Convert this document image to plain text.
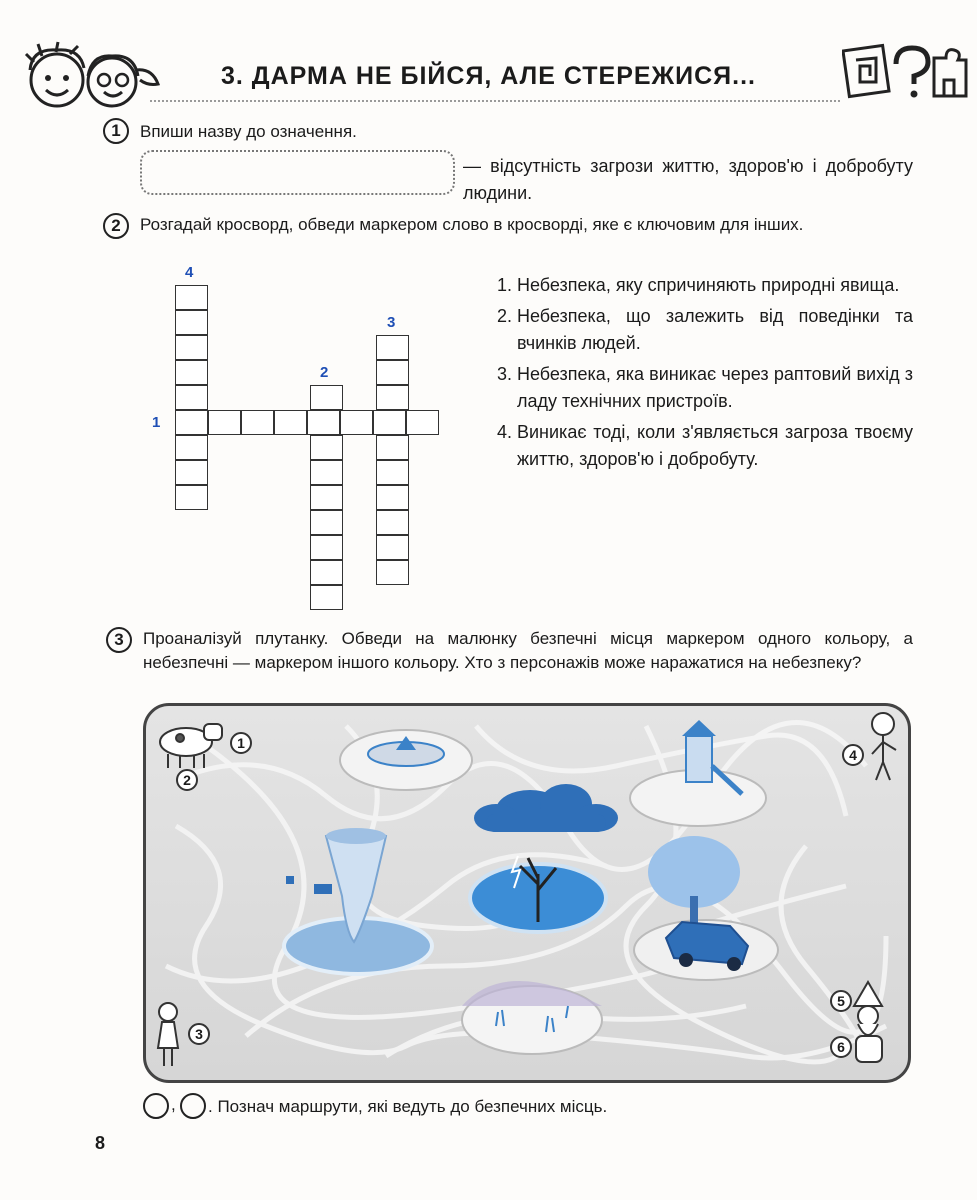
3. ДАРМА НЕ БІЙСЯ, АЛЕ СТЕРЕЖИСЯ...
1	Впиши назву до означення.
— відсутність загрози життю, здоров'ю і добробуту людини.
2	Розгадай кросворд, обведи маркером слово в кросворді, яке є ключовим для інших.
1
2
3
4
1. Небезпека, яку спричиняють природні явища.
2. Небезпека, що залежить від поведінки та вчинків людей.
3. Небезпека, яка виникає через раптовий вихід з ладу технічних пристроїв.
4. Виникає тоді, коли з'являється загроза твоєму життю, здоров'ю і добробуту.
3	Проаналізуй плутанку. Обведи на малюнку безпечні місця маркером одного кольору, а небезпечні — маркером іншого кольору. Хто з персонажів може наражатися на небезпеку?
1
2
3
4
5
6
, . Познач маршрути, які ведуть до безпечних місць.
8
